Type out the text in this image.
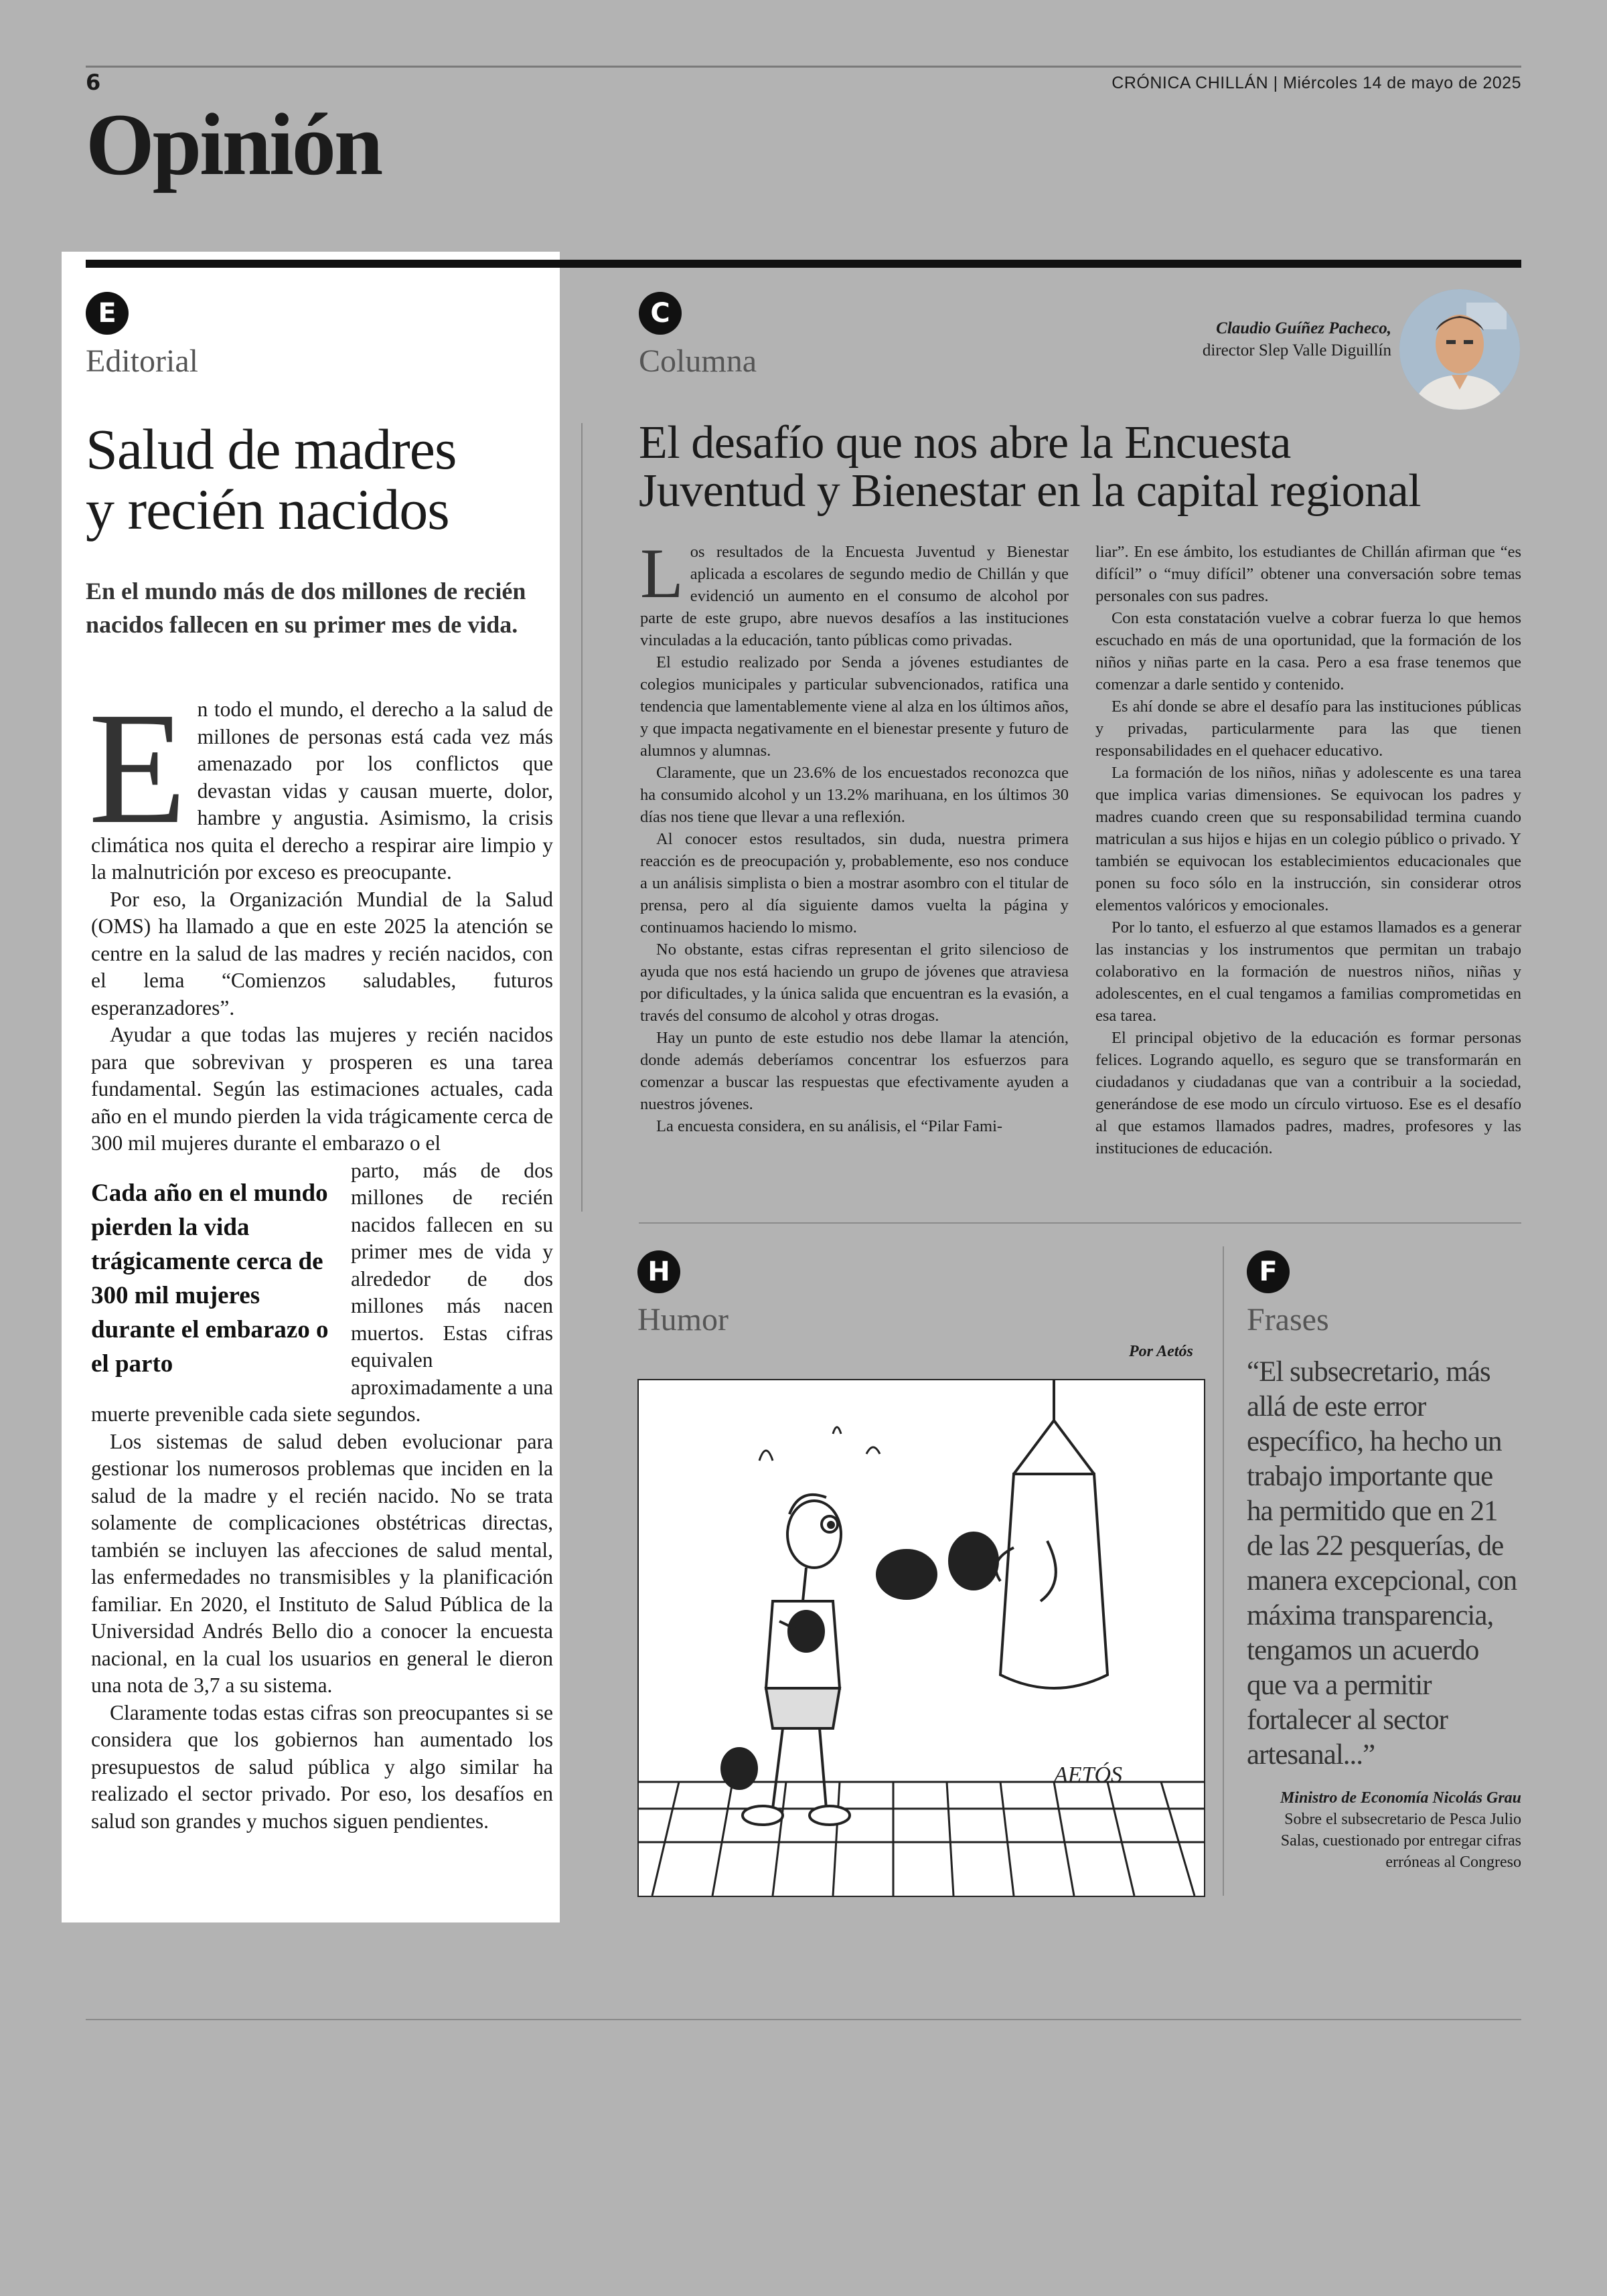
6	CRÓNICA CHILLÁN | Miércoles 14 de mayo de 2025
Opinión
E
Editorial
Salud de madres
y recién nacidos
En el mundo más de dos millones de recién nacidos fallecen en su primer mes de vida.
E n todo el mundo, el derecho a la salud de millones de personas está cada vez más amenazado por los conflictos que devastan vidas y causan muerte, dolor, hambre y angustia. Asimismo, la crisis climática nos quita el derecho a respirar aire limpio y la malnutrición por exceso es preocupante.

Por eso, la Organización Mundial de la Salud (OMS) ha llamado a que en este 2025 la atención se centre en la salud de las madres y recién nacidos, con el lema “Comienzos saludables, futuros esperanzadores”.

Ayudar a que todas las mujeres y recién nacidos para que sobrevivan y prosperen es una tarea fundamental. Según las estimaciones actuales, cada año en el mundo pierden la vida trágicamente cerca de 300 mil mujeres durante el embarazo o el

Cada año en el mundo pierden la vida trágicamente cerca de 300 mil mujeres durante el embarazo o el parto

parto, más de dos millones de recién nacidos fallecen en su primer mes de vida y alrededor de dos millones más nacen muertos. Estas cifras equivalen aproximadamente a una muerte prevenible cada siete segundos.

Los sistemas de salud deben evolucionar para gestionar los numerosos problemas que inciden en la salud de la madre y el recién nacido. No se trata solamente de complicaciones obstétricas directas, también se incluyen las afecciones de salud mental, las enfermedades no transmisibles y la planificación familiar. En 2020, el Instituto de Salud Pública de la Universidad Andrés Bello dio a conocer la encuesta nacional, en la cual los usuarios en general le dieron una nota de 3,7 a su sistema.

Claramente todas estas cifras son preocupantes si se considera que los gobiernos han aumentado los presupuestos de salud pública y algo similar ha realizado el sector privado. Por eso, los desafíos en salud son grandes y muchos siguen pendientes.

C
Columna
Claudio Guíñez Pacheco,
director Slep Valle Diguillín
El desafío que nos abre la Encuesta
Juventud y Bienestar en la capital regional
L os resultados de la Encuesta Juventud y Bienestar aplicada a escolares de segundo medio de Chillán y que evidenció un aumento en el consumo de alcohol por parte de este grupo, abre nuevos desafíos a las instituciones vinculadas a la educación, tanto públicas como privadas.

El estudio realizado por Senda a jóvenes estudiantes de colegios municipales y particular subvencionados, ratifica una tendencia que lamentablemente viene al alza en los últimos años, y que impacta negativamente en el bienestar presente y futuro de alumnos y alumnas.

Claramente, que un 23.6% de los encuestados reconozca que ha consumido alcohol y un 13.2% marihuana, en los últimos 30 días nos tiene que llevar a una reflexión.

Al conocer estos resultados, sin duda, nuestra primera reacción es de preocupación y, probablemente, eso nos conduce a un análisis simplista o bien a mostrar asombro con el titular de prensa, pero al día siguiente damos vuelta la página y continuamos haciendo lo mismo.

No obstante, estas cifras representan el grito silencioso de ayuda que nos está haciendo un grupo de jóvenes que atraviesa por dificultades, y la única salida que encuentran es la evasión, a través del consumo de alcohol y otras drogas.

Hay un punto de este estudio nos debe llamar la atención, donde además deberíamos concentrar los esfuerzos para comenzar a buscar las respuestas que efectivamente ayuden a nuestros jóvenes.

La encuesta considera, en su análisis, el “Pilar Fami-

liar”. En ese ámbito, los estudiantes de Chillán afirman que “es difícil” o “muy difícil” obtener una conversación sobre temas personales con sus padres.

Con esta constatación vuelve a cobrar fuerza lo que hemos escuchado en más de una oportunidad, que la formación de los niños y niñas parte en la casa. Pero a esa frase tenemos que comenzar a darle sentido y contenido.

Es ahí donde se abre el desafío para las instituciones públicas y privadas, particularmente para las que tienen responsabilidades en el quehacer educativo.

La formación de los niños, niñas y adolescente es una tarea que implica varias dimensiones. Se equivocan los padres y madres cuando creen que su responsabilidad termina cuando matriculan a sus hijos e hijas en un colegio público o privado. Y también se equivocan los establecimientos educacionales que ponen su foco sólo en la instrucción, sin considerar otros elementos valóricos y emocionales.

Por lo tanto, el esfuerzo al que estamos llamados es a generar las instancias y los instrumentos que permitan un trabajo colaborativo en la formación de nuestros niños, niñas y adolescentes, en el cual tengamos a familias comprometidas en esa tarea.

El principal objetivo de la educación es formar personas felices. Logrando aquello, es seguro que se transformarán en ciudadanos y ciudadanas que van a contribuir a la sociedad, generándose de ese modo un círculo virtuoso. Ese es el desafío al que estamos llamados padres, madres, profesores y las instituciones de educación.

H
Humor
Por Aetós
AETÓS
F
Frases
“El subsecretario, más allá de este error específico, ha hecho un trabajo importante que ha permitido que en 21 de las 22 pesquerías, de manera excepcional, con máxima transparencia, tengamos un acuerdo que va a permitir fortalecer al sector artesanal...”
Ministro de Economía Nicolás Grau
Sobre el subsecretario de Pesca Julio Salas, cuestionado por entregar cifras erróneas al Congreso
